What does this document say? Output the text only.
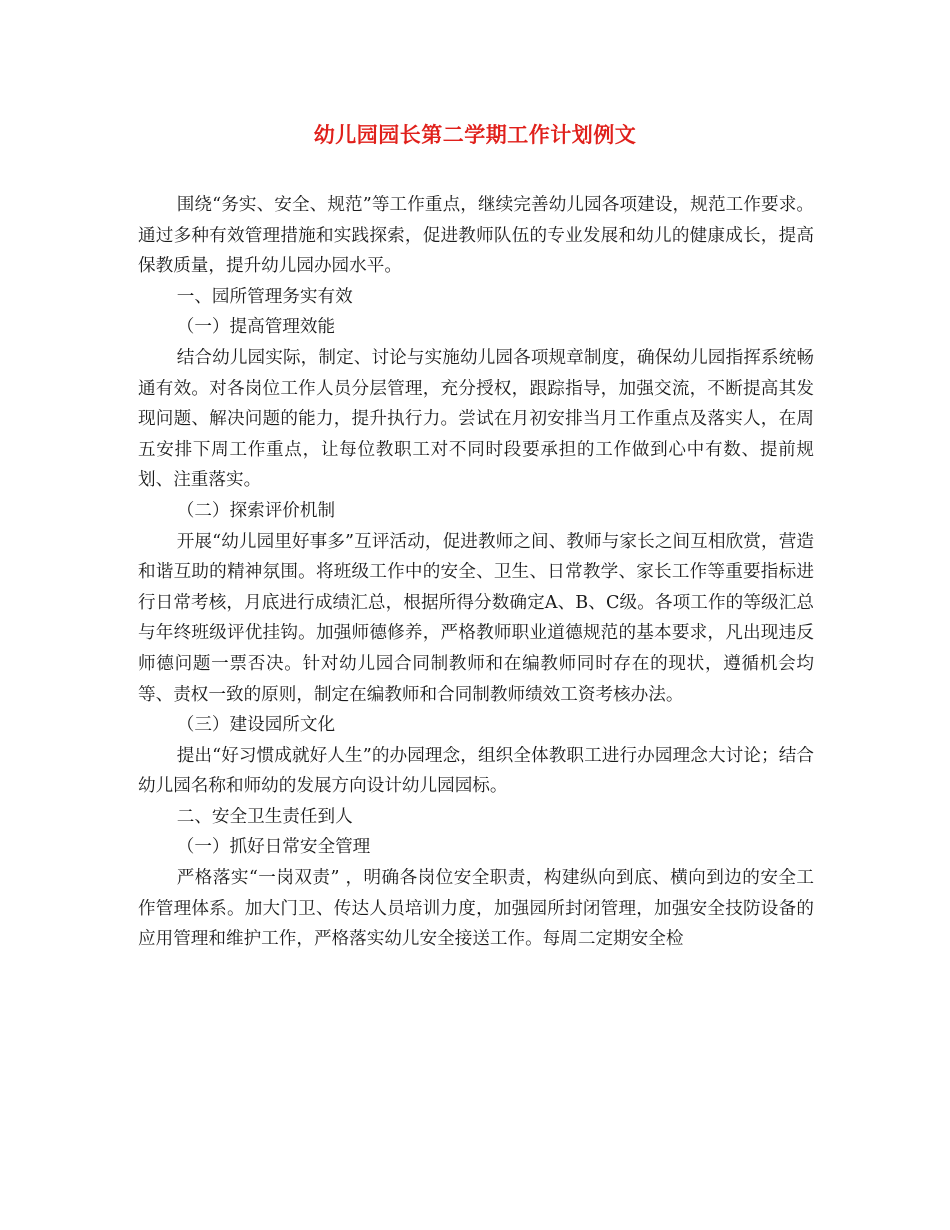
幼儿园园长第二学期工作计划例文

围绕“务实、安全、规范”等工作重点，继续完善幼儿园各项建设，规范工作要求。通过多种有效管理措施和实践探索，促进教师队伍的专业发展和幼儿的健康成长，提高保教质量，提升幼儿园办园水平。

一、园所管理务实有效

（一）提高管理效能

结合幼儿园实际，制定、讨论与实施幼儿园各项规章制度，确保幼儿园指挥系统畅通有效。对各岗位工作人员分层管理，充分授权，跟踪指导，加强交流，不断提高其发现问题、解决问题的能力，提升执行力。尝试在月初安排当月工作重点及落实人，在周五安排下周工作重点，让每位教职工对不同时段要承担的工作做到心中有数、提前规划、注重落实。

（二）探索评价机制

开展“幼儿园里好事多”互评活动，促进教师之间、教师与家长之间互相欣赏，营造和谐互助的精神氛围。将班级工作中的安全、卫生、日常教学、家长工作等重要指标进行日常考核，月底进行成绩汇总，根据所得分数确定A、B、C级。各项工作的等级汇总与年终班级评优挂钩。加强师德修养，严格教师职业道德规范的基本要求，凡出现违反师德问题一票否决。针对幼儿园合同制教师和在编教师同时存在的现状，遵循机会均等、责权一致的原则，制定在编教师和合同制教师绩效工资考核办法。

（三）建设园所文化

提出“好习惯成就好人生”的办园理念，组织全体教职工进行办园理念大讨论；结合幼儿园名称和师幼的发展方向设计幼儿园园标。

二、安全卫生责任到人

（一）抓好日常安全管理

严格落实“一岗双责” ，明确各岗位安全职责，构建纵向到底、横向到边的安全工作管理体系。加大门卫、传达人员培训力度，加强园所封闭管理，加强安全技防设备的应用管理和维护工作，严格落实幼儿安全接送工作。每周二定期安全检
